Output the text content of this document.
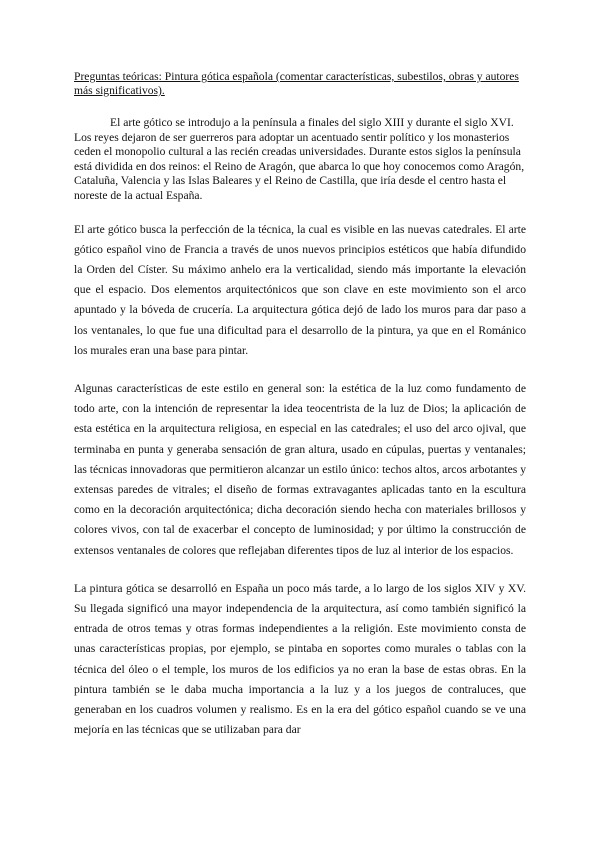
Preguntas teóricas: Pintura gótica española (comentar características, subestilos, obras y autores más significativos).

El arte gótico se introdujo a la península a finales del siglo XIII y durante el siglo XVI. Los reyes dejaron de ser guerreros para adoptar un acentuado sentir político y los monasterios ceden el monopolio cultural a las recién creadas universidades. Durante estos siglos la península está dividida en dos reinos: el Reino de Aragón, que abarca lo que hoy conocemos como Aragón, Cataluña, Valencia y las Islas Baleares y el Reino de Castilla, que iría desde el centro hasta el noreste de la actual España.

El arte gótico busca la perfección de la técnica, la cual es visible en las nuevas catedrales. El arte gótico español vino de Francia a través de unos nuevos principios estéticos que había difundido la Orden del Císter. Su máximo anhelo era la verticalidad, siendo más importante la elevación que el espacio. Dos elementos arquitectónicos que son clave en este movimiento son el arco apuntado y la bóveda de crucería. La arquitectura gótica dejó de lado los muros para dar paso a los ventanales, lo que fue una dificultad para el desarrollo de la pintura, ya que en el Románico los murales eran una base para pintar.

Algunas características de este estilo en general son: la estética de la luz como fundamento de todo arte, con la intención de representar la idea teocentrista de la luz de Dios; la aplicación de esta estética en la arquitectura religiosa, en especial en las catedrales; el uso del arco ojival, que terminaba en punta y generaba sensación de gran altura, usado en cúpulas, puertas y ventanales; las técnicas innovadoras que permitieron alcanzar un estilo único: techos altos, arcos arbotantes y extensas paredes de vitrales; el diseño de formas extravagantes aplicadas tanto en la escultura como en la decoración arquitectónica; dicha decoración siendo hecha con materiales brillosos y colores vivos, con tal de exacerbar el concepto de luminosidad; y por último la construcción de extensos ventanales de colores que reflejaban diferentes tipos de luz al interior de los espacios.

La pintura gótica se desarrolló en España un poco más tarde, a lo largo de los siglos XIV y XV. Su llegada significó una mayor independencia de la arquitectura, así como también significó la entrada de otros temas y otras formas independientes a la religión. Este movimiento consta de unas características propias, por ejemplo, se pintaba en soportes como murales o tablas con la técnica del óleo o el temple, los muros de los edificios ya no eran la base de estas obras. En la pintura también se le daba mucha importancia a la luz y a los juegos de contraluces, que generaban en los cuadros volumen y realismo. Es en la era del gótico español cuando se ve una mejoría en las técnicas que se utilizaban para dar
